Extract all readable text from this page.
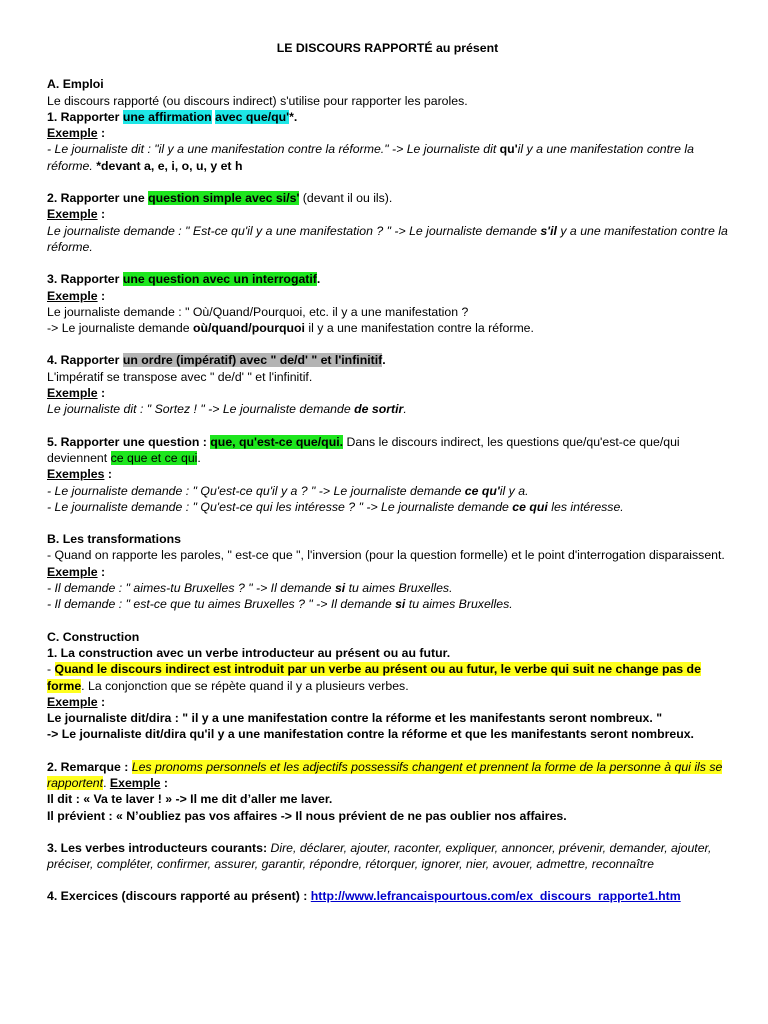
LE DISCOURS RAPPORTÉ au présent

A. Emploi

Le discours rapporté (ou discours indirect) s'utilise pour rapporter les paroles.

1. Rapporter une affirmation avec que/qu'*.

Exemple :

- Le journaliste dit : "il y a une manifestation contre la réforme." -> Le journaliste dit qu'il y a une manifestation contre la réforme. *devant a, e, i, o, u, y et h

2. Rapporter une question simple avec si/s' (devant il ou ils).

Exemple :

Le journaliste demande : " Est-ce qu'il y a une manifestation ? " -> Le journaliste demande s'il y a une manifestation contre la réforme.

3. Rapporter une question avec un interrogatif.

Exemple :

Le journaliste demande : " Où/Quand/Pourquoi, etc. il y a une manifestation ?

-> Le journaliste demande où/quand/pourquoi il y a une manifestation contre la réforme.

4. Rapporter un ordre (impératif) avec " de/d' " et l'infinitif.

L'impératif se transpose avec " de/d' " et l'infinitif.

Exemple :

Le journaliste dit : " Sortez ! " -> Le journaliste demande de sortir.

5. Rapporter une question : que, qu'est-ce que/qui. Dans le discours indirect, les questions que/qu'est-ce que/qui deviennent ce que et ce qui.

Exemples :

- Le journaliste demande : " Qu'est-ce qu'il y a ? " -> Le journaliste demande ce qu'il y a.

- Le journaliste demande : " Qu'est-ce qui les intéresse ? " -> Le journaliste demande ce qui les intéresse.

B. Les transformations

- Quand on rapporte les paroles, " est-ce que ", l'inversion (pour la question formelle) et le point d'interrogation disparaissent.

Exemple :

- Il demande : " aimes-tu Bruxelles ? " -> Il demande si tu aimes Bruxelles.

- Il demande : " est-ce que tu aimes Bruxelles ? " -> Il demande si tu aimes Bruxelles.

C. Construction

1. La construction avec un verbe introducteur au présent ou au futur.

- Quand le discours indirect est introduit par un verbe au présent ou au futur, le verbe qui suit ne change pas de forme. La conjonction que se répète quand il y a plusieurs verbes.

Exemple :

Le journaliste dit/dira : " il y a une manifestation contre la réforme et les manifestants seront nombreux. "

-> Le journaliste dit/dira qu'il y a une manifestation contre la réforme et que les manifestants seront nombreux.

2. Remarque : Les pronoms personnels et les adjectifs possessifs changent et prennent la forme de la personne à qui ils se rapportent. Exemple :

Il dit : « Va te laver ! » -> Il me dit d’aller me laver.

Il prévient : « N’oubliez pas vos affaires -> Il nous prévient de ne pas oublier nos affaires.

3. Les verbes introducteurs courants: Dire, déclarer, ajouter, raconter, expliquer, annoncer, prévenir, demander, ajouter, préciser, compléter, confirmer, assurer, garantir, répondre, rétorquer, ignorer, nier, avouer, admettre, reconnaître

4. Exercices (discours rapporté au présent) : http://www.lefrancaispourtous.com/ex_discours_rapporte1.htm
